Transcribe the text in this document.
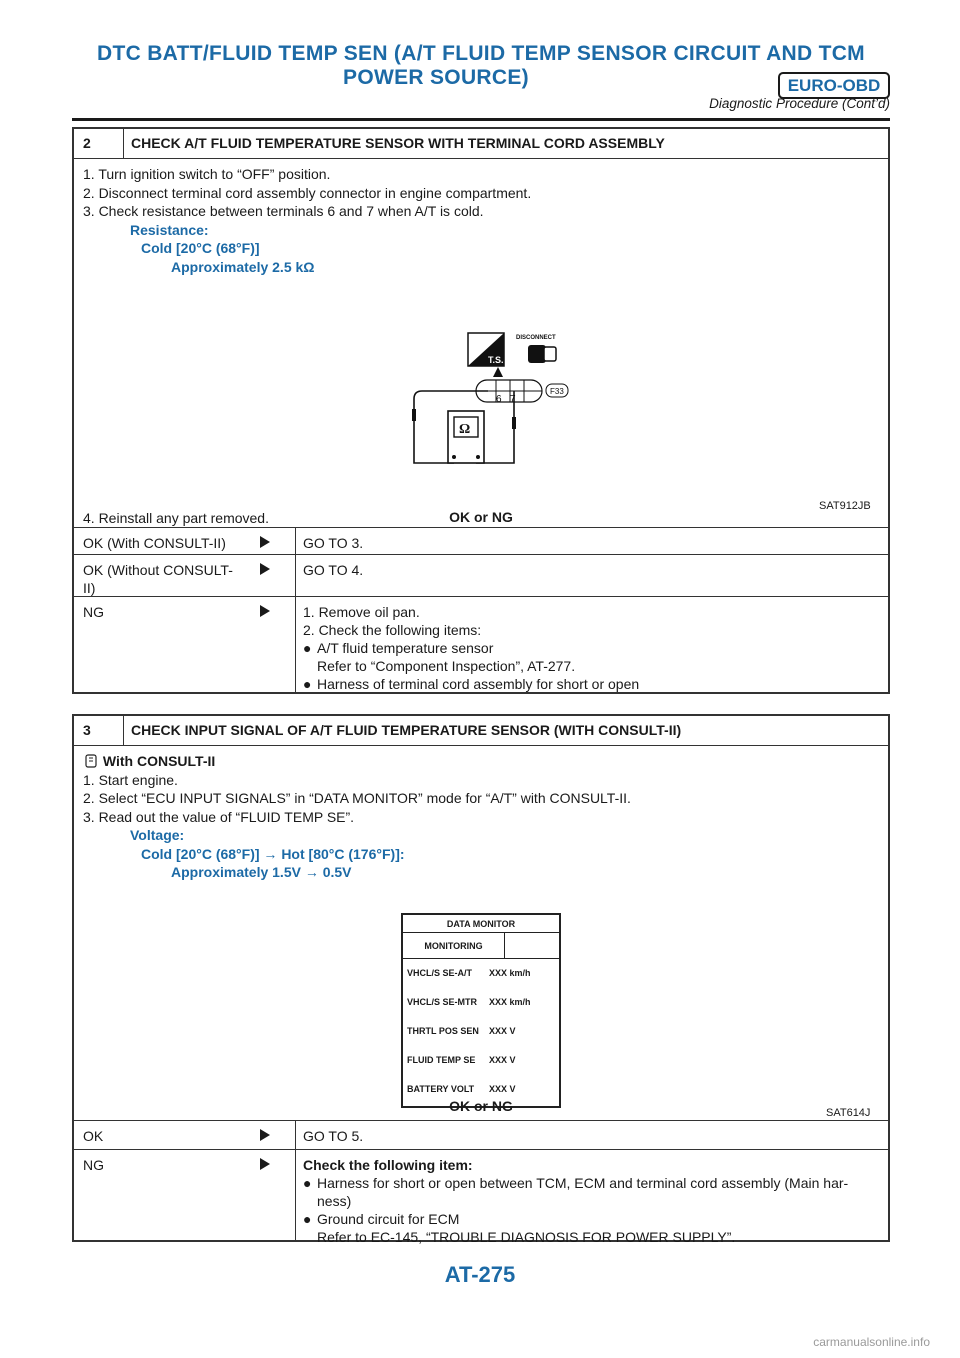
DTC BATT/FLUID TEMP SEN (A/T FLUID TEMP SENSOR CIRCUIT AND TCM
POWER SOURCE)	EURO-OBD
Diagnostic Procedure (Cont’d)
2	CHECK A/T FLUID TEMPERATURE SENSOR WITH TERMINAL CORD ASSEMBLY
1. Turn ignition switch to “OFF” position.
2. Disconnect terminal cord assembly connector in engine compartment.
3. Check resistance between terminals 6 and 7 when A/T is cold.
Resistance:
Cold [20°C (68°F)]
Approximately 2.5 kΩ
T.S.
DISCONNECT
6 7
F33
Ω
SAT912JB
4. Reinstall any part removed.	OK or NG
OK (With CONSULT-II)	GO TO 3.
OK (Without CONSULT-
II)
GO TO 4.
NG	1. Remove oil pan.
2. Check the following items:
● A/T fluid temperature sensor
Refer to “Component Inspection”, AT-277.
● Harness of terminal cord assembly for short or open
3	CHECK INPUT SIGNAL OF A/T FLUID TEMPERATURE SENSOR (WITH CONSULT-II)
With CONSULT-II
1. Start engine.
2. Select “ECU INPUT SIGNALS” in “DATA MONITOR” mode for “A/T” with CONSULT-II.
3. Read out the value of “FLUID TEMP SE”.
Voltage:
Cold [20°C (68°F)] → Hot [80°C (176°F)]:
Approximately 1.5V → 0.5V
DATA MONITOR
MONITORING
VHCL/S SE-A/T	XXX km/h
VHCL/S SE-MTR	XXX km/h
THRTL POS SEN	XXX V
FLUID TEMP SE	XXX V
BATTERY VOLT	XXX V
SAT614J
OK or NG
OK	GO TO 5.
NG	Check the following item:
● Harness for short or open between TCM, ECM and terminal cord assembly (Main har-
ness)
● Ground circuit for ECM
Refer to EC-145, “TROUBLE DIAGNOSIS FOR POWER SUPPLY”.
AT-275
carmanualsonline.info
